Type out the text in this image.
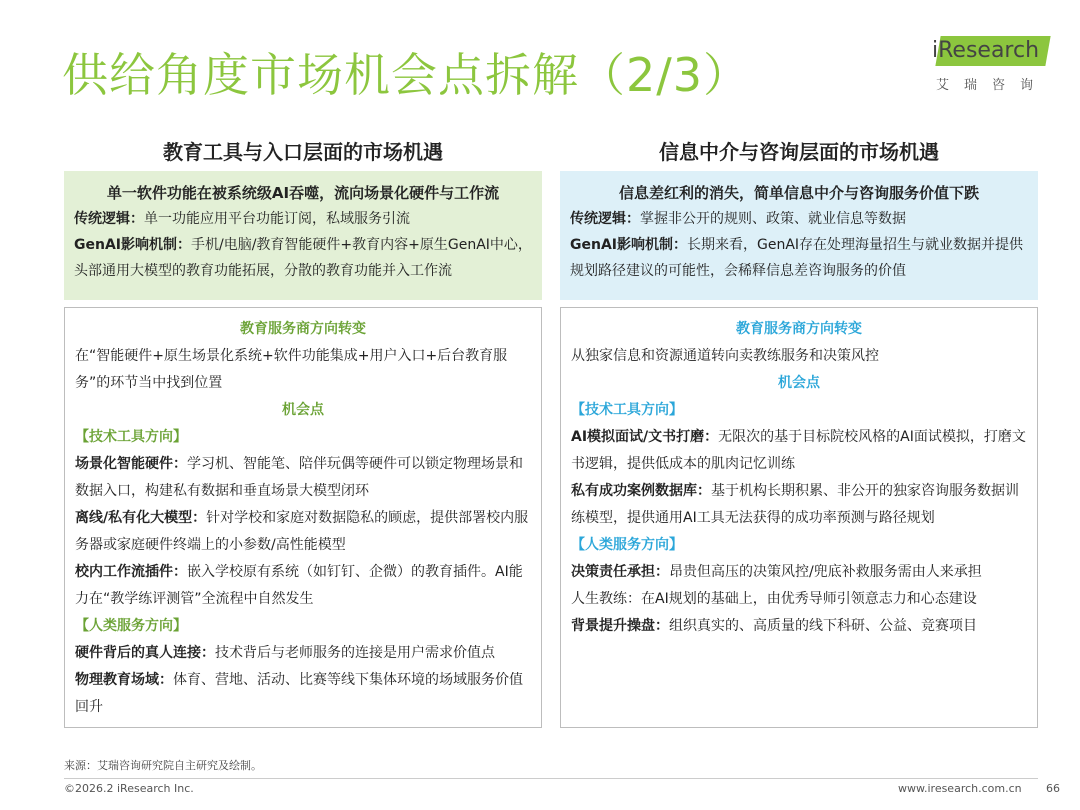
供给角度市场机会点拆解（2/3）	iResearch
艾瑞咨询
教育工具与入口层面的市场机遇
单一软件功能在被系统级AI吞噬，流向场景化硬件与工作流

传统逻辑：单一功能应用平台功能订阅，私域服务引流

GenAI影响机制：手机/电脑/教育智能硬件+教育内容+原生GenAI中心，头部通用大模型的教育功能拓展，分散的教育功能并入工作流

教育服务商方向转变

在“智能硬件+原生场景化系统+软件功能集成+用户入口+后台教育服务”的环节当中找到位置

机会点
【技术工具方向】

场景化智能硬件：学习机、智能笔、陪伴玩偶等硬件可以锁定物理场景和数据入口，构建私有数据和垂直场景大模型闭环

离线/私有化大模型：针对学校和家庭对数据隐私的顾虑，提供部署校内服务器或家庭硬件终端上的小参数/高性能模型

校内工作流插件：嵌入学校原有系统（如钉钉、企微）的教育插件。AI能力在“教学练评测管”全流程中自然发生

【人类服务方向】

硬件背后的真人连接：技术背后与老师服务的连接是用户需求价值点

物理教育场域：体育、营地、活动、比赛等线下集体环境的场域服务价值回升

信息中介与咨询层面的市场机遇
信息差红利的消失，简单信息中介与咨询服务价值下跌

传统逻辑：掌握非公开的规则、政策、就业信息等数据

GenAI影响机制：长期来看，GenAI存在处理海量招生与就业数据并提供规划路径建议的可能性，会稀释信息差咨询服务的价值

教育服务商方向转变

从独家信息和资源通道转向卖教练服务和决策风控

机会点
【技术工具方向】

AI模拟面试/文书打磨：无限次的基于目标院校风格的AI面试模拟，打磨文书逻辑，提供低成本的肌肉记忆训练

私有成功案例数据库：基于机构长期积累、非公开的独家咨询服务数据训练模型，提供通用AI工具无法获得的成功率预测与路径规划

【人类服务方向】

决策责任承担：昂贵但高压的决策风控/兜底补救服务需由人来承担

人生教练：在AI规划的基础上，由优秀导师引领意志力和心态建设

背景提升操盘：组织真实的、高质量的线下科研、公益、竞赛项目

来源：艾瑞咨询研究院自主研究及绘制。
©2026.2 iResearch Inc.	www.iresearch.com.cn 66
